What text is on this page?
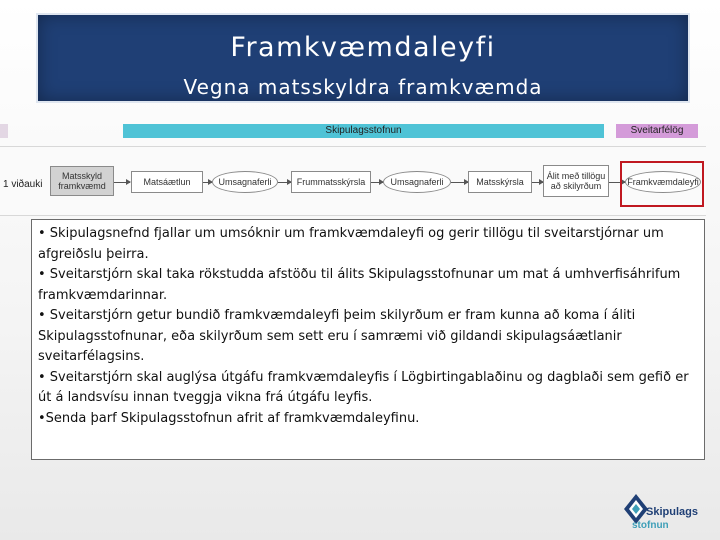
Framkvæmdaleyfi
Vegna matsskyldra framkvæmda
Skipulagsstofnun	Sveitarfélög
1 viðauki
Matsskyld
framkvæmd	Matsáætlun	Umsagnaferli	Frummatsskýrsla	Umsagnaferli	Matsskýrsla
Álit með tillögu
að skilyrðum	Framkvæmdaleyfi

• Skipulagsnefnd fjallar um umsóknir um framkvæmdaleyfi og gerir tillögu til sveitarstjórnar um afgreiðslu þeirra.

• Sveitarstjórn skal taka rökstudda afstöðu til álits Skipulagsstofnunar um mat á umhverfisáhrifum framkvæmdarinnar.

• Sveitarstjórn getur bundið framkvæmdaleyfi þeim skilyrðum er fram kunna að koma í áliti Skipulagsstofnunar, eða skilyrðum sem sett eru í samræmi við gildandi skipulagsáætlanir sveitarfélagsins.

• Sveitarstjórn skal auglýsa útgáfu framkvæmdaleyfis í Lögbirtingablaðinu og dagblaði sem gefið er út á landsvísu innan tveggja vikna frá útgáfu leyfis.

•Senda þarf Skipulagsstofnun afrit af framkvæmdaleyfinu.

Skipulags
stofnun
